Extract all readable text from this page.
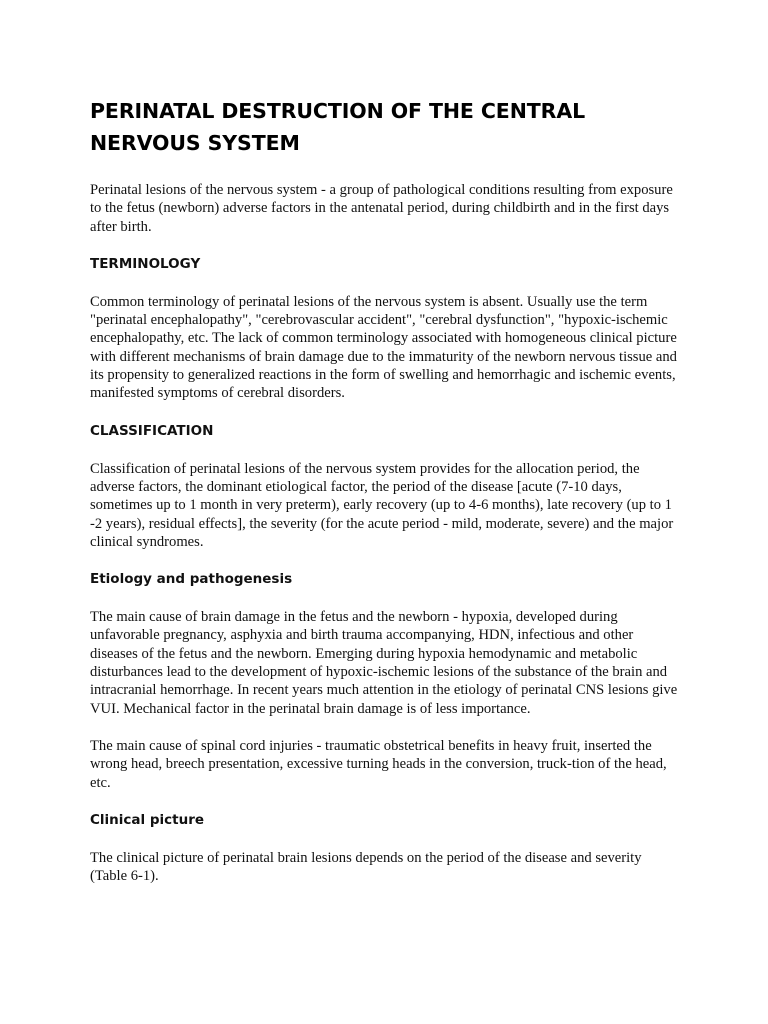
PERINATAL DESTRUCTION OF THE CENTRAL NERVOUS SYSTEM

Perinatal lesions of the nervous system - a group of pathological conditions resulting from exposure to the fetus (newborn) adverse factors in the antenatal period, during childbirth and in the first days after birth.

TERMINOLOGY

Common terminology of perinatal lesions of the nervous system is absent. Usually use the term "perinatal encephalopathy", "cerebrovascular accident", "cerebral dysfunction", "hypoxic-ischemic encephalopathy, etc. The lack of common terminology associated with homogeneous clinical picture with different mechanisms of brain damage due to the immaturity of the newborn nervous tissue and its propensity to generalized reactions in the form of swelling and hemorrhagic and ischemic events, manifested symptoms of cerebral disorders.

CLASSIFICATION

Classification of perinatal lesions of the nervous system provides for the allocation period, the adverse factors, the dominant etiological factor, the period of the disease [acute (7-10 days, sometimes up to 1 month in very preterm), early recovery (up to 4-6 months), late recovery (up to 1 -2 years), residual effects], the severity (for the acute period - mild, moderate, severe) and the major clinical syndromes.

Etiology and pathogenesis

The main cause of brain damage in the fetus and the newborn - hypoxia, developed during unfavorable pregnancy, asphyxia and birth trauma accompanying, HDN, infectious and other diseases of the fetus and the newborn. Emerging during hypoxia hemodynamic and metabolic disturbances lead to the development of hypoxic-ischemic lesions of the substance of the brain and intracranial hemorrhage. In recent years much attention in the etiology of perinatal CNS lesions give VUI. Mechanical factor in the perinatal brain damage is of less importance.

The main cause of spinal cord injuries - traumatic obstetrical benefits in heavy fruit, inserted the wrong head, breech presentation, excessive turning heads in the conversion, truck-tion of the head, etc.

Clinical picture

The clinical picture of perinatal brain lesions depends on the period of the disease and severity (Table 6-1).
